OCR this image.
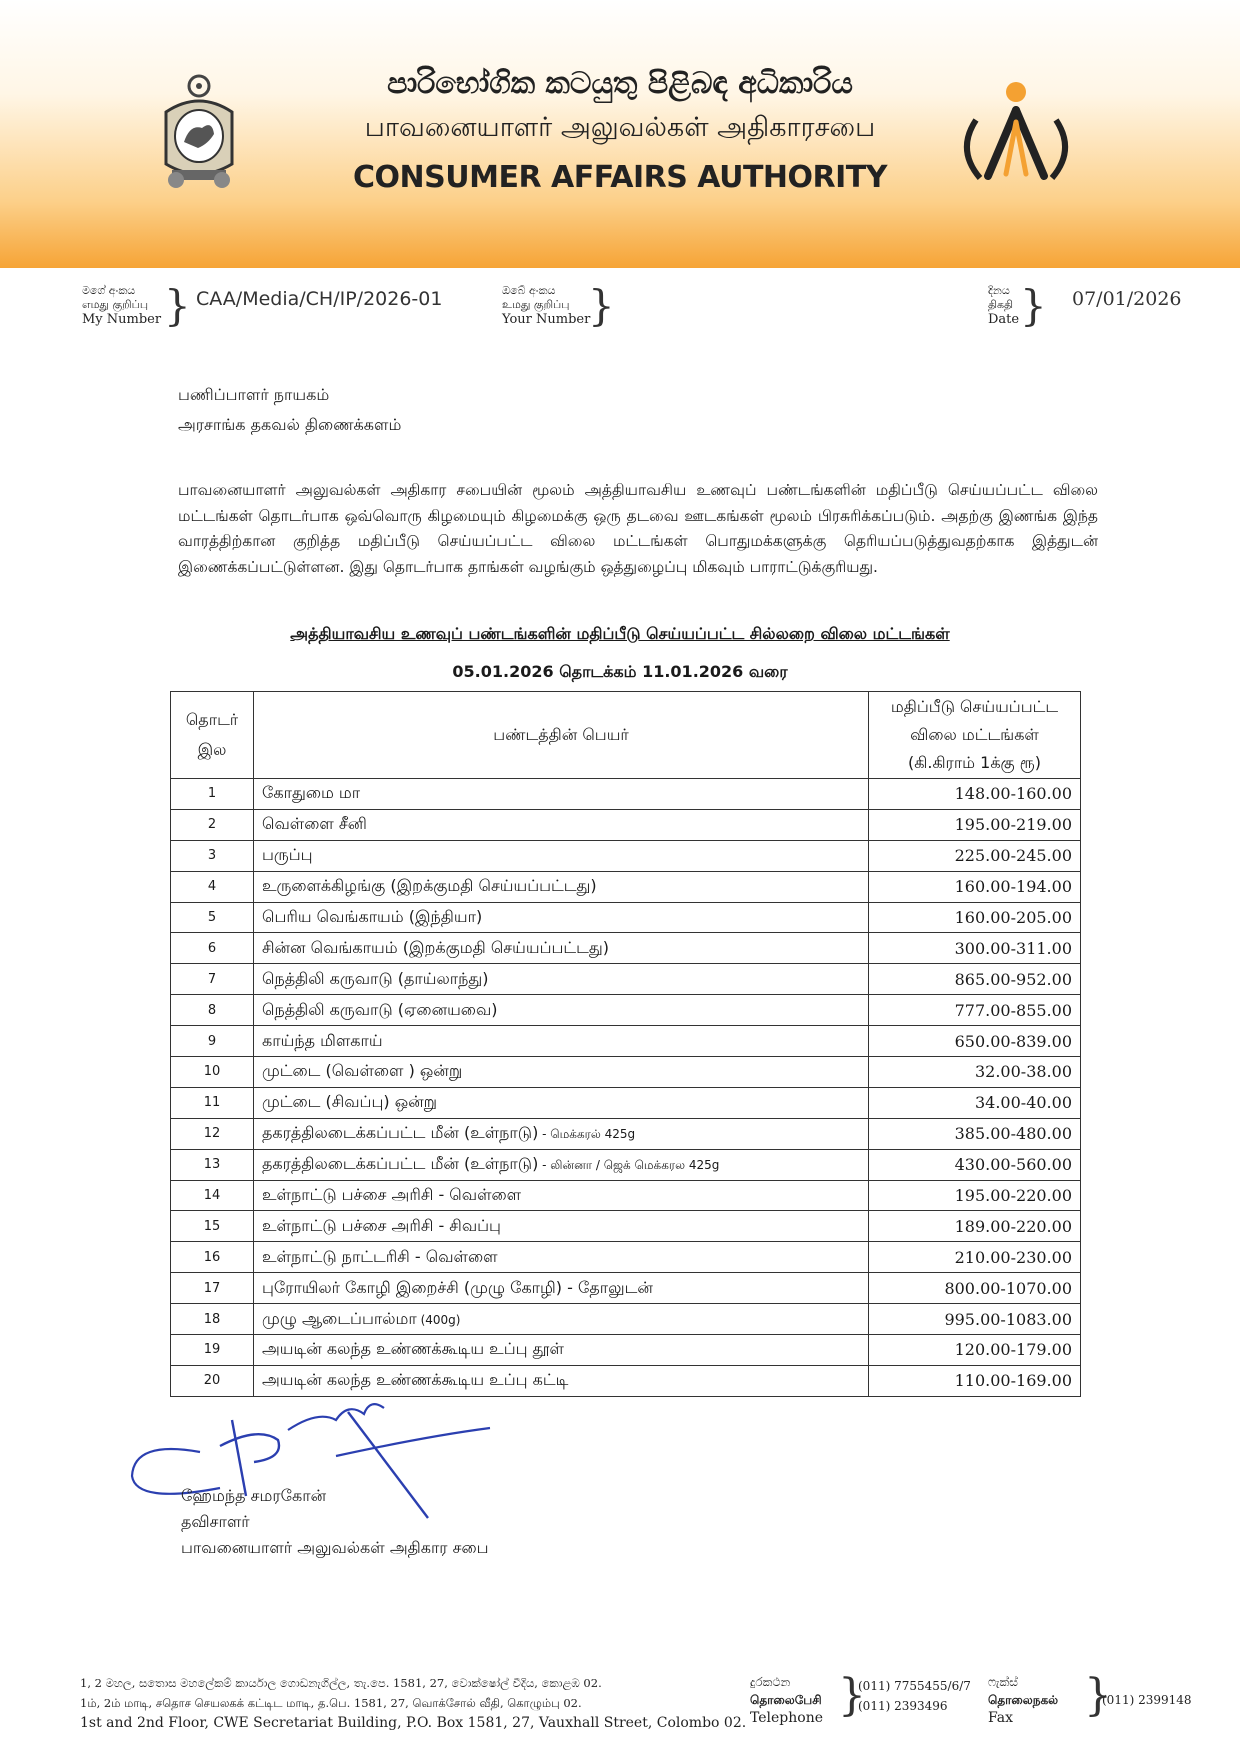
පාරිභෝගික කටයුතු පිළිබඳ අධිකාරිය
பாவனையாளர் அலுவல்கள் அதிகாரசபை
CONSUMER AFFAIRS AUTHORITY
මගේ අංකය
எமது குறிப்பு
My Number } CAA/Media/CH/IP/2026-01	ඔබේ අංකය
உமது குறிப்பு
Your Number
}	දිනය
திகதி
Date } 07/01/2026
பணிப்பாளர் நாயகம்
அரசாங்க தகவல் திணைக்களம்
பாவனையாளர் அலுவல்கள் அதிகார சபையின் மூலம் அத்தியாவசிய உணவுப் பண்டங்களின் மதிப்பீடு செய்யப்பட்ட விலை மட்டங்கள் தொடர்பாக ஒவ்வொரு கிழமையும் கிழமைக்கு ஒரு தடவை ஊடகங்கள் மூலம் பிரசுரிக்கப்படும். அதற்கு இணங்க இந்த வாரத்திற்கான குறித்த மதிப்பீடு செய்யப்பட்ட விலை மட்டங்கள் பொதுமக்களுக்கு தெரியப்படுத்துவதற்காக இத்துடன் இணைக்கப்பட்டுள்ளன. இது தொடர்பாக தாங்கள் வழங்கும் ஒத்துழைப்பு மிகவும் பாராட்டுக்குரியது.
அத்தியாவசிய உணவுப் பண்டங்களின் மதிப்பீடு செய்யப்பட்ட சில்லறை விலை மட்டங்கள்
05.01.2026 தொடக்கம் 11.01.2026 வரை
தொடர் இல	பண்டத்தின் பெயர்	மதிப்பீடு செய்யப்பட்ட விலை மட்டங்கள் (கி.கிராம் 1க்கு ரூ)
1	கோதுமை மா	148.00-160.00
2	வெள்ளை சீனி	195.00-219.00
3	பருப்பு	225.00-245.00
4	உருளைக்கிழங்கு (இறக்குமதி செய்யப்பட்டது)	160.00-194.00
5	பெரிய வெங்காயம் (இந்தியா)	160.00-205.00
6	சின்ன வெங்காயம் (இறக்குமதி செய்யப்பட்டது)	300.00-311.00
7	நெத்திலி கருவாடு (தாய்லாந்து)	865.00-952.00
8	நெத்திலி கருவாடு (ஏனையவை)	777.00-855.00
9	காய்ந்த மிளகாய்	650.00-839.00
10	முட்டை (வெள்ளை ) ஒன்று	32.00-38.00
11	முட்டை (சிவப்பு) ஒன்று	34.00-40.00
12	தகரத்திலடைக்கப்பட்ட மீன் (உள்நாடு) - மெக்கரல் 425g	385.00-480.00
13	தகரத்திலடைக்கப்பட்ட மீன் (உள்நாடு) - லின்னா / ஜெக் மெக்கரல 425g	430.00-560.00
14	உள்நாட்டு பச்சை அரிசி - வெள்ளை	195.00-220.00
15	உள்நாட்டு பச்சை அரிசி - சிவப்பு	189.00-220.00
16	உள்நாட்டு நாட்டரிசி - வெள்ளை	210.00-230.00
17	புரோயிலர் கோழி இறைச்சி (முழு கோழி) - தோலுடன்	800.00-1070.00
18	முழு ஆடைப்பால்மா (400g)	995.00-1083.00
19	அயடின் கலந்த உண்ணக்கூடிய உப்பு தூள்	120.00-179.00
20	அயடின் கலந்த உண்ணக்கூடிய உப்பு கட்டி	110.00-169.00
ஹேமந்த சமரகோன்
தவிசாளர்
பாவனையாளர் அலுவல்கள் அதிகார சபை
1, 2 මහල, සතොස මහලේකම් කාර්යාල ගොඩනැගිල්ල, තැ.පෙ. 1581, 27, වොක්ෂෝල් වීදිය, කොළඹ 02.
1ம், 2ம் மாடி, சதொச செயலகக் கட்டிட மாடி, த.பெ. 1581, 27, வொக்சோல் வீதி, கொழும்பு 02.
1st and 2nd Floor, CWE Secretariat Building, P.O. Box 1581, 27, Vauxhall Street, Colombo 02.
දුරකථන
தொலைபேசி
Telephone }
(011) 7755455/6/7
(011) 2393496
ෆැක්ස්
தொலைநகல்
Fax	}
(011) 2399148
